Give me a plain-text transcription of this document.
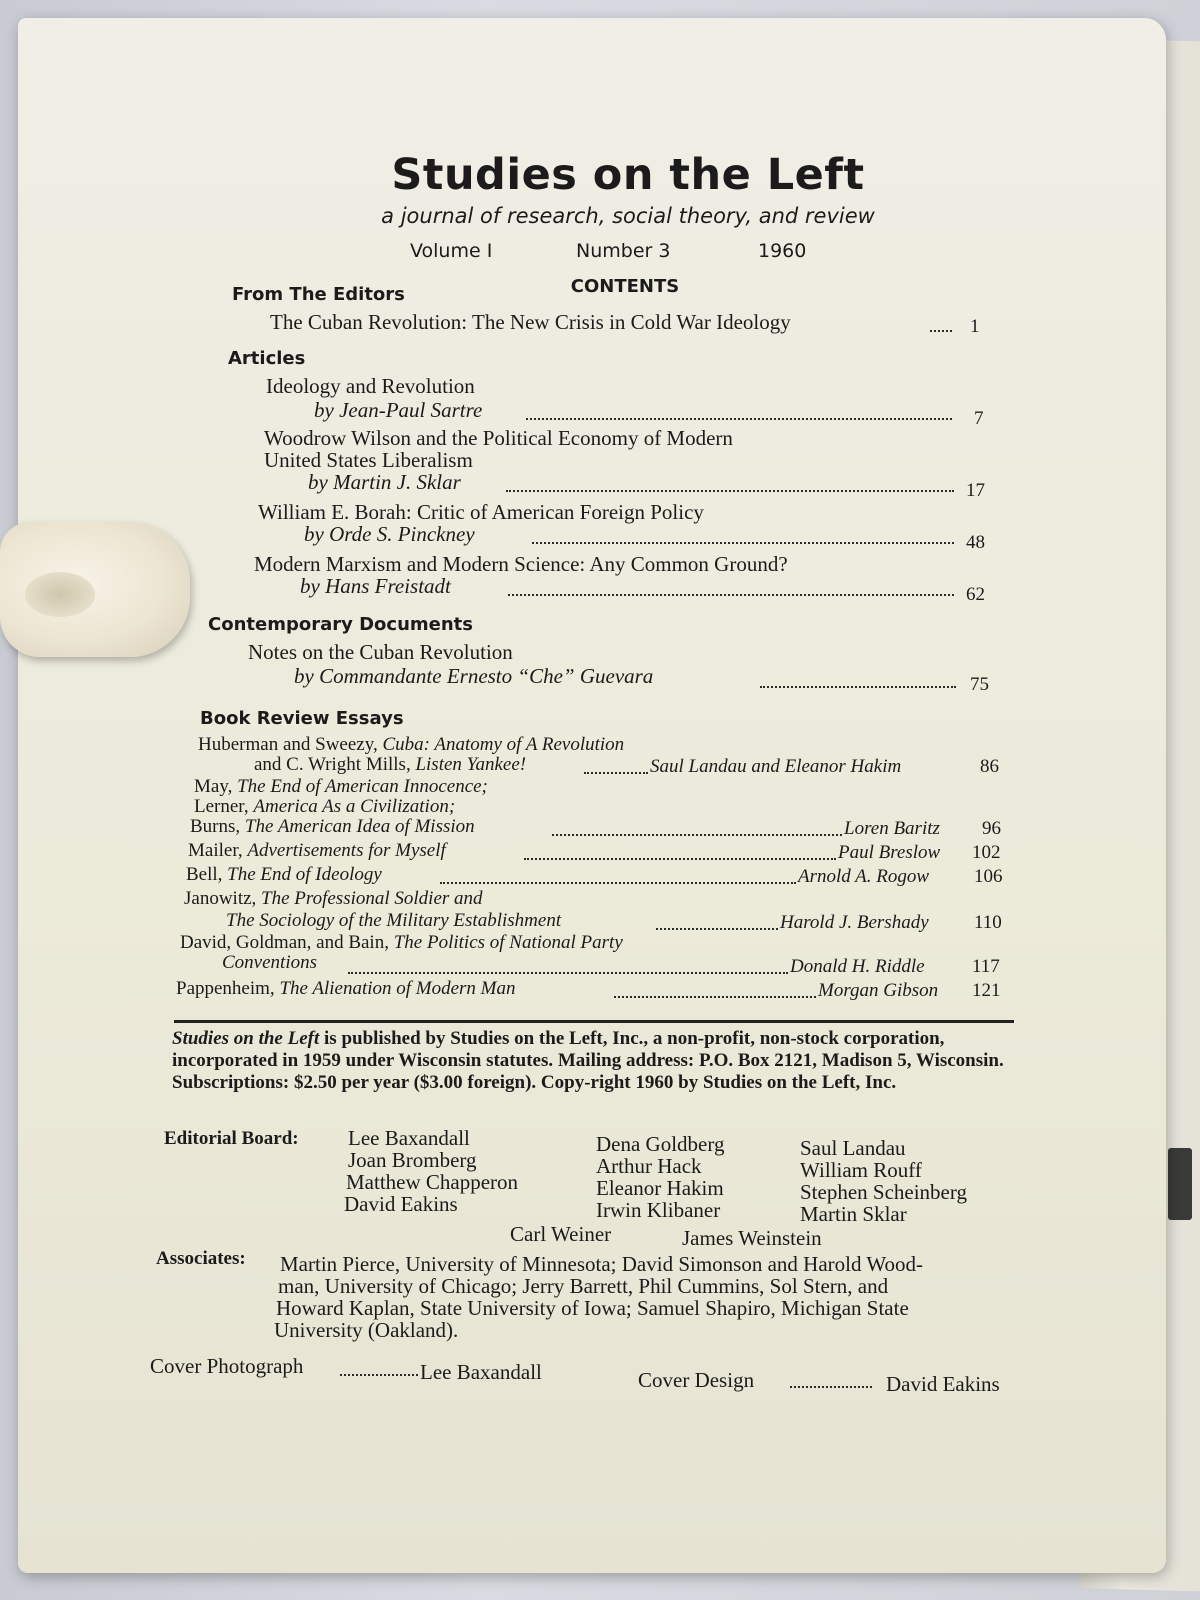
Studies on the Left
a journal of research, social theory, and review
Volume I	Number 3	1960
CONTENTS
From The Editors
The Cuban Revolution: The New Crisis in Cold War Ideology	1
Articles
Ideology and Revolution
by Jean-Paul Sartre	7
Woodrow Wilson and the Political Economy of Modern
United States Liberalism
by Martin J. Sklar	17
William E. Borah: Critic of American Foreign Policy
by Orde S. Pinckney	48
Modern Marxism and Modern Science: Any Common Ground?
by Hans Freistadt	62
Contemporary Documents
Notes on the Cuban Revolution
by Commandante Ernesto “Che” Guevara	75
Book Review Essays
Huberman and Sweezy, Cuba: Anatomy of A Revolution
and C. Wright Mills, Listen Yankee!	Saul Landau and Eleanor Hakim	86
May, The End of American Innocence;
Lerner, America As a Civilization;
Burns, The American Idea of Mission	Loren Baritz 96
Mailer, Advertisements for Myself	Paul Breslow 102
Bell, The End of Ideology	Arnold A. Rogow 106
Janowitz, The Professional Soldier and
The Sociology of the Military Establishment	Harold J. Bershady 110
David, Goldman, and Bain, The Politics of National Party
Conventions	Donald H. Riddle 117
Pappenheim, The Alienation of Modern Man	Morgan Gibson 121
Studies on the Left is published by Studies on the Left, Inc., a non-profit, non-stock corporation, incorporated in 1959 under Wisconsin statutes. Mailing address: P.O. Box 2121, Madison 5, Wisconsin. Subscriptions: $2.50 per year ($3.00 foreign). Copy-right 1960 by Studies on the Left, Inc.
Editorial Board: Lee Baxandall
Joan Bromberg
Matthew Chapperon
David Eakins
Dena Goldberg
Arthur Hack
Eleanor Hakim
Irwin Klibaner
Saul Landau
William Rouff
Stephen Scheinberg
Martin Sklar
Carl Weiner	James Weinstein
Associates: Martin Pierce, University of Minnesota; David Simonson and Harold Wood-
man, University of Chicago; Jerry Barrett, Phil Cummins, Sol Stern, and
Howard Kaplan, State University of Iowa; Samuel Shapiro, Michigan State
University (Oakland).
Cover Photograph	Lee Baxandall	Cover Design	David Eakins
